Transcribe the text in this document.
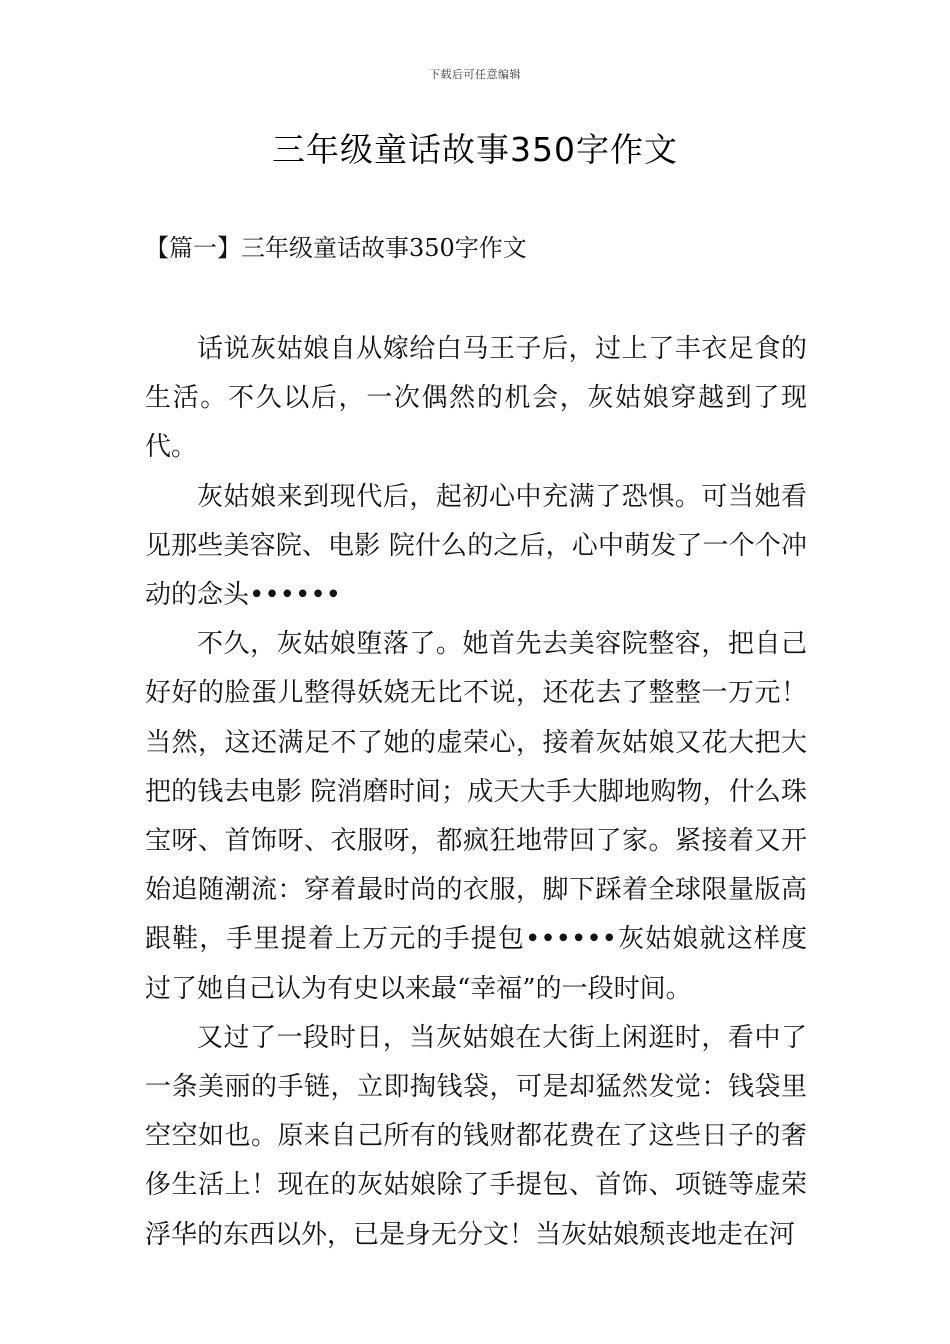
下载后可任意编辑
三年级童话故事350字作文
【篇一】三年级童话故事350字作文

话说灰姑娘自从嫁给白马王子后，过上了丰衣足食的生活。不久以后，一次偶然的机会，灰姑娘穿越到了现代。

灰姑娘来到现代后，起初心中充满了恐惧。可当她看见那些美容院、电影 院什么的之后，心中萌发了一个个冲动的念头••••••

不久，灰姑娘堕落了。她首先去美容院整容，把自己好好的脸蛋儿整得妖娆无比不说，还花去了整整一万元！当然，这还满足不了她的虚荣心，接着灰姑娘又花大把大把的钱去电影 院消磨时间；成天大手大脚地购物，什么珠宝呀、首饰呀、衣服呀，都疯狂地带回了家。紧接着又开始追随潮流：穿着最时尚的衣服，脚下踩着全球限量版高跟鞋，手里提着上万元的手提包••••••灰姑娘就这样度过了她自己认为有史以来最“幸福”的一段时间。

又过了一段时日，当灰姑娘在大街上闲逛时，看中了一条美丽的手链，立即掏钱袋，可是却猛然发觉：钱袋里空空如也。原来自己所有的钱财都花费在了这些日子的奢侈生活上！现在的灰姑娘除了手提包、首饰、项链等虚荣浮华的东西以外，已是身无分文！当灰姑娘颓丧地走在河
